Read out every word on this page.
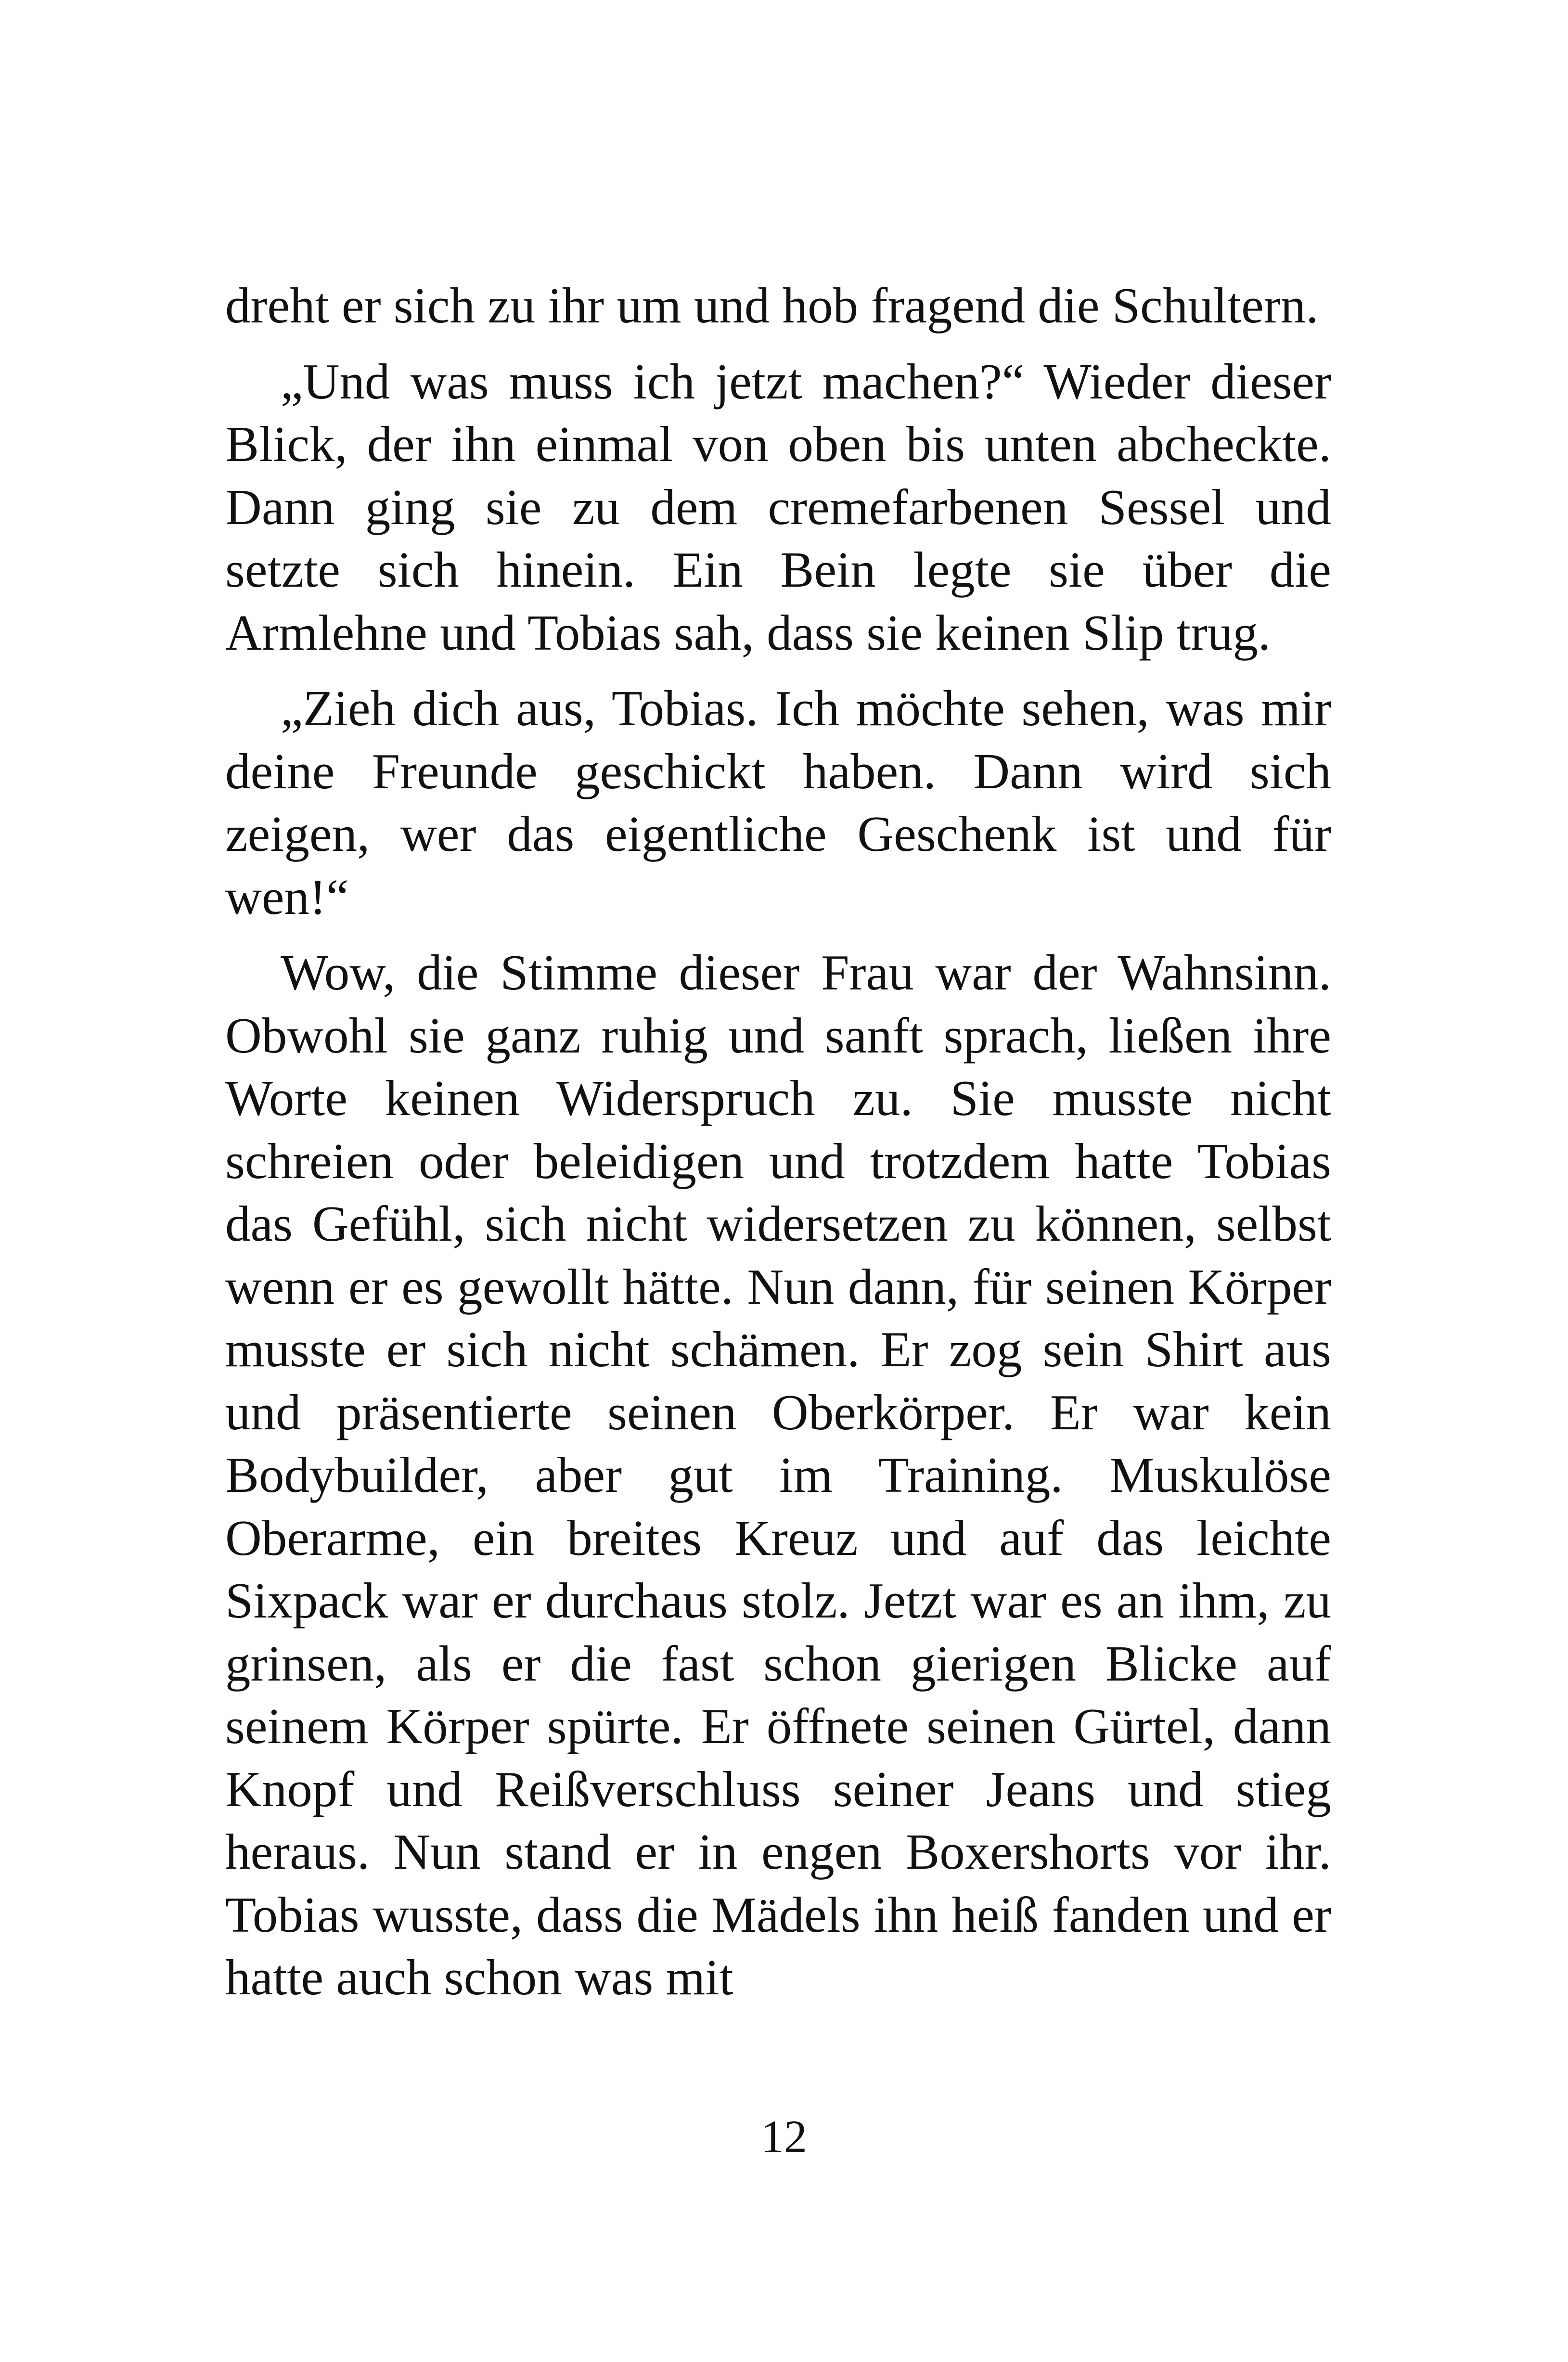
dreht er sich zu ihr um und hob fragend die Schultern.

„Und was muss ich jetzt machen?“ Wieder dieser Blick, der ihn einmal von oben bis unten abcheckte. Dann ging sie zu dem cremefarbenen Sessel und setzte sich hinein. Ein Bein legte sie über die Armlehne und Tobias sah, dass sie keinen Slip trug.

„Zieh dich aus, Tobias. Ich möchte sehen, was mir deine Freunde geschickt haben. Dann wird sich zeigen, wer das eigentliche Geschenk ist und für wen!“

Wow, die Stimme dieser Frau war der Wahnsinn. Obwohl sie ganz ruhig und sanft sprach, ließen ihre Worte keinen Widerspruch zu. Sie musste nicht schreien oder beleidigen und trotzdem hatte Tobias das Gefühl, sich nicht widersetzen zu können, selbst wenn er es gewollt hätte. Nun dann, für seinen Körper musste er sich nicht schämen. Er zog sein Shirt aus und präsentierte seinen Oberkörper. Er war kein Bodybuilder, aber gut im Training. Muskulöse Oberarme, ein breites Kreuz und auf das leichte Sixpack war er durchaus stolz. Jetzt war es an ihm, zu grinsen, als er die fast schon gierigen Blicke auf seinem Körper spürte. Er öffnete seinen Gürtel, dann Knopf und Reißverschluss seiner Jeans und stieg heraus. Nun stand er in engen Boxershorts vor ihr. Tobias wusste, dass die Mädels ihn heiß fanden und er hatte auch schon was mit

12
